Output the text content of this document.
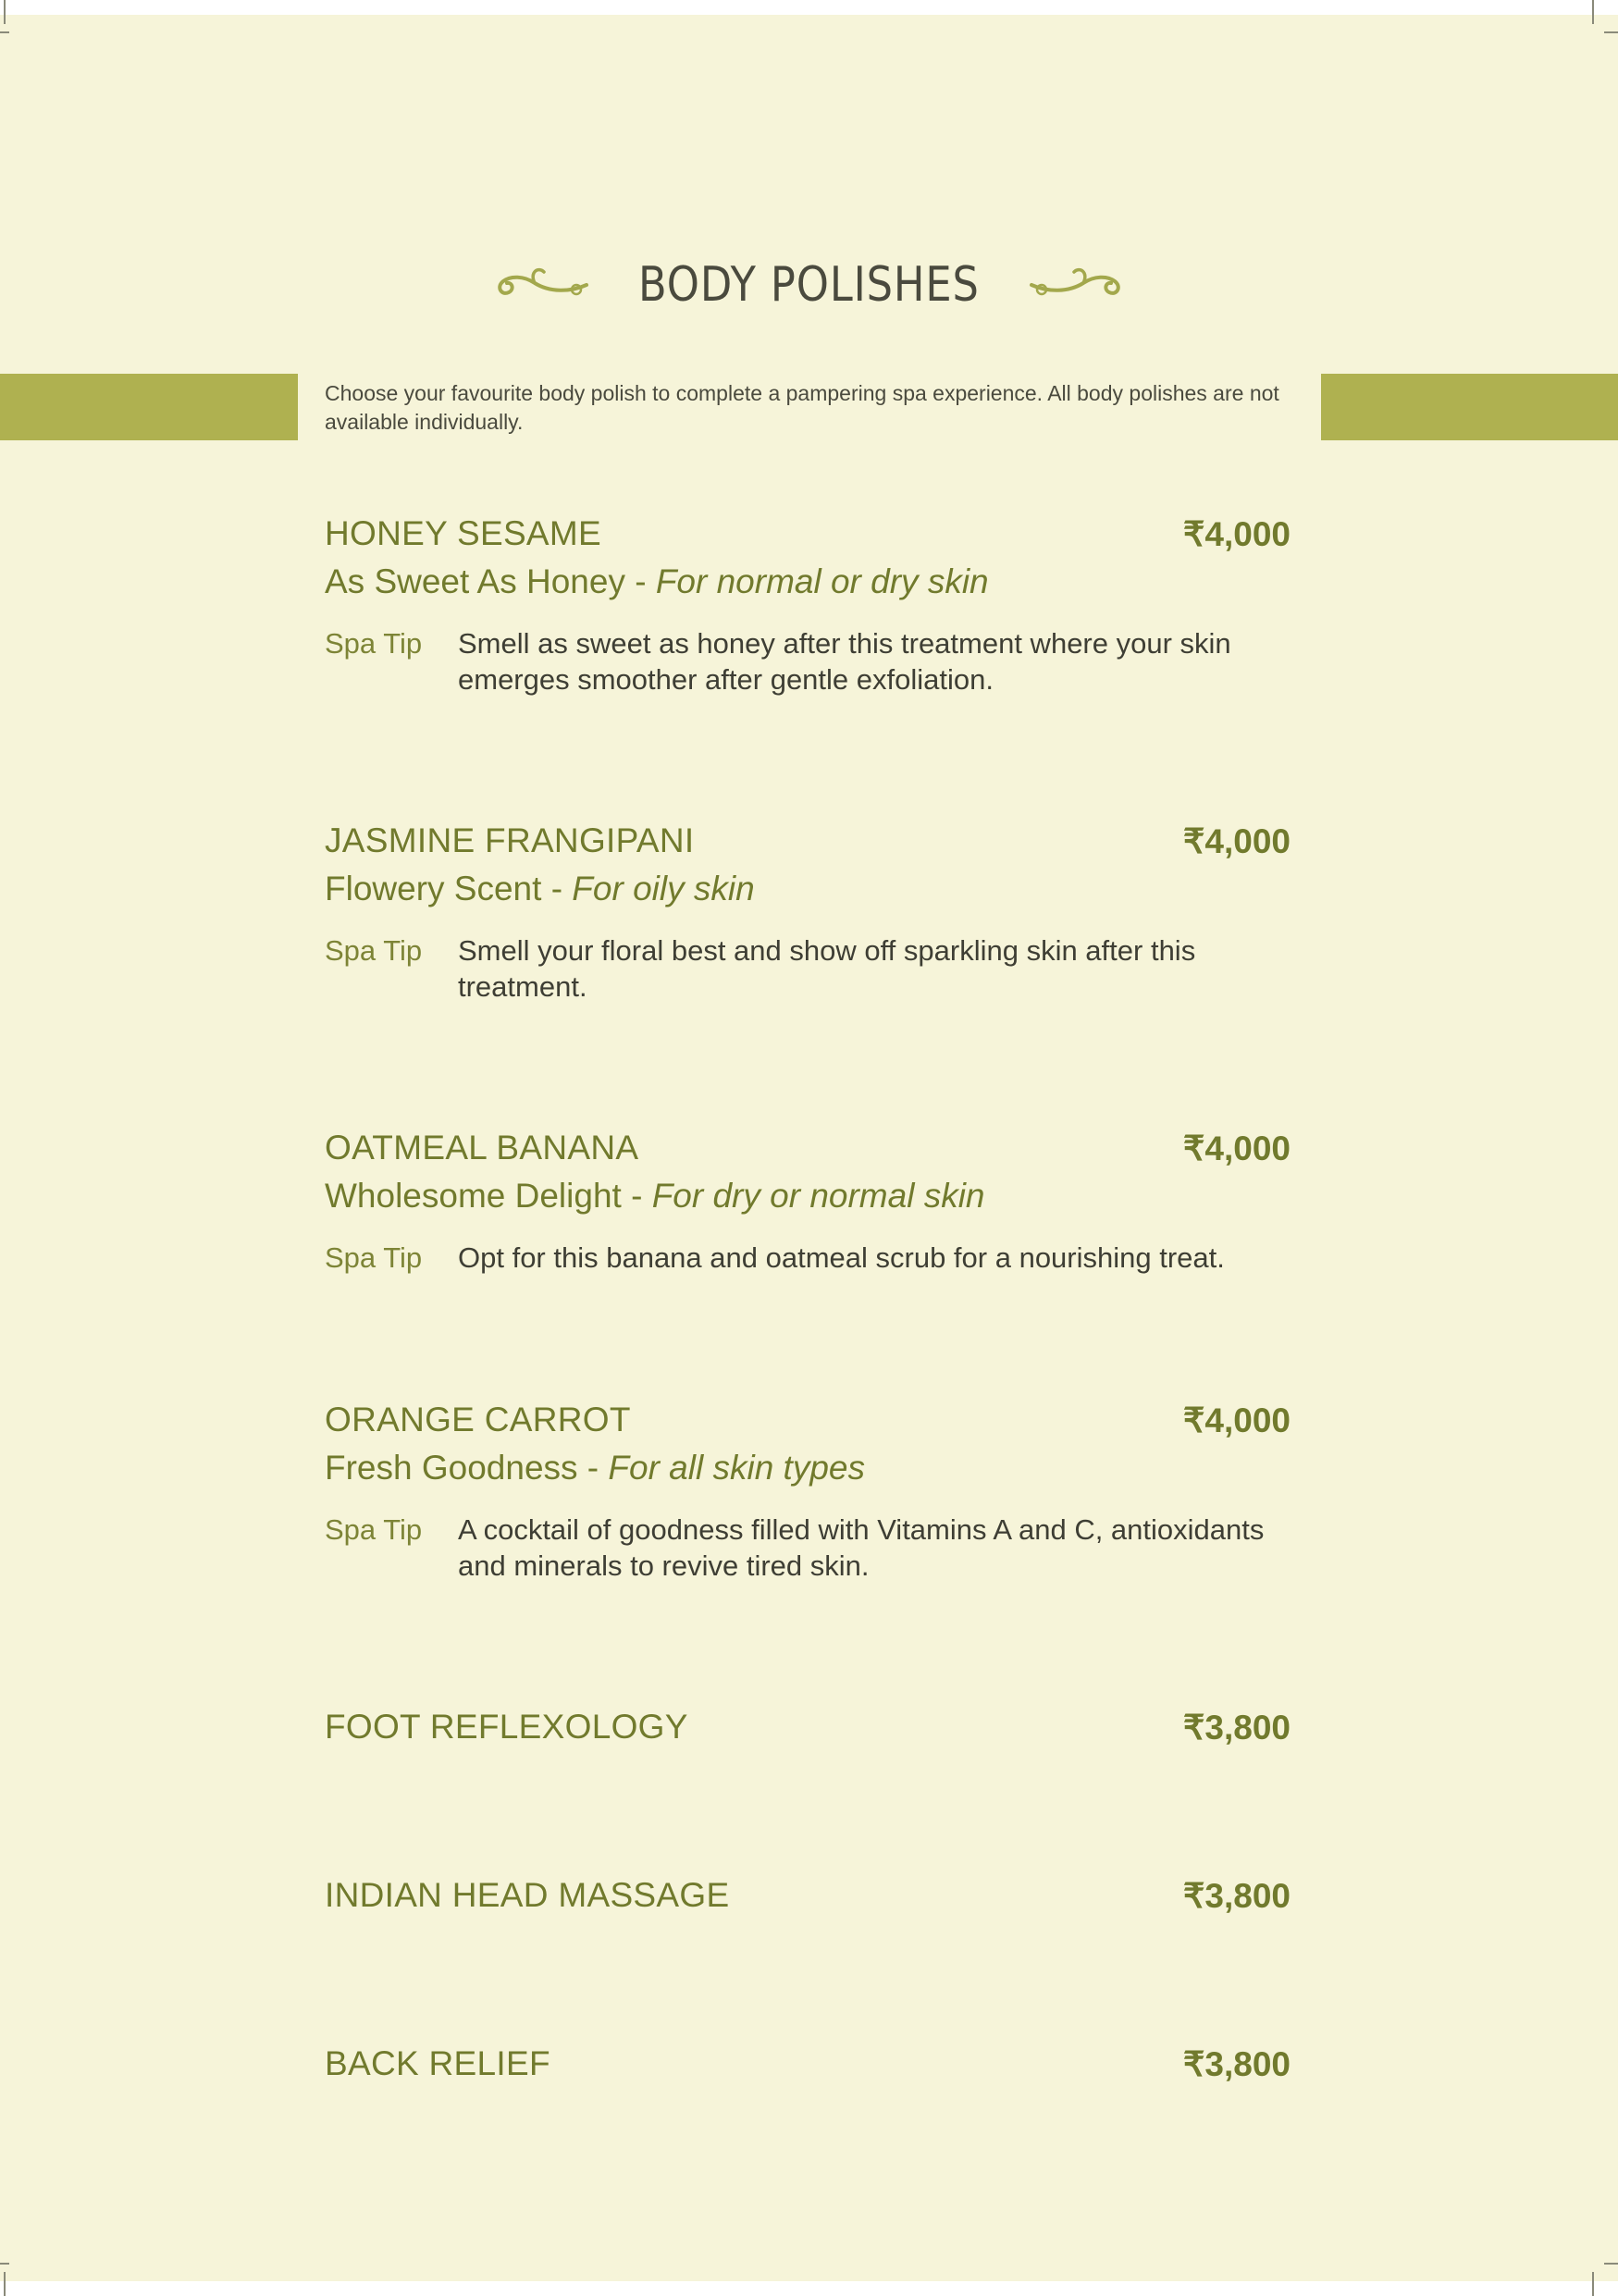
BODY POLISHES
Choose your favourite body polish to complete a pampering spa experience. All body polishes are not available individually.
HONEY SESAME	₹4,000
As Sweet As Honey - For normal or dry skin
Spa Tip Smell as sweet as honey after this treatment where your skin emerges smoother after gentle exfoliation.
JASMINE FRANGIPANI	₹4,000
Flowery Scent - For oily skin
Spa Tip Smell your floral best and show off sparkling skin after this treatment.
OATMEAL BANANA	₹4,000
Wholesome Delight - For dry or normal skin
Spa Tip Opt for this banana and oatmeal scrub for a nourishing treat.
ORANGE CARROT	₹4,000
Fresh Goodness - For all skin types
Spa Tip A cocktail of goodness filled with Vitamins A and C, antioxidants and minerals to revive tired skin.
FOOT REFLEXOLOGY	₹3,800
INDIAN HEAD MASSAGE	₹3,800
BACK RELIEF	₹3,800
